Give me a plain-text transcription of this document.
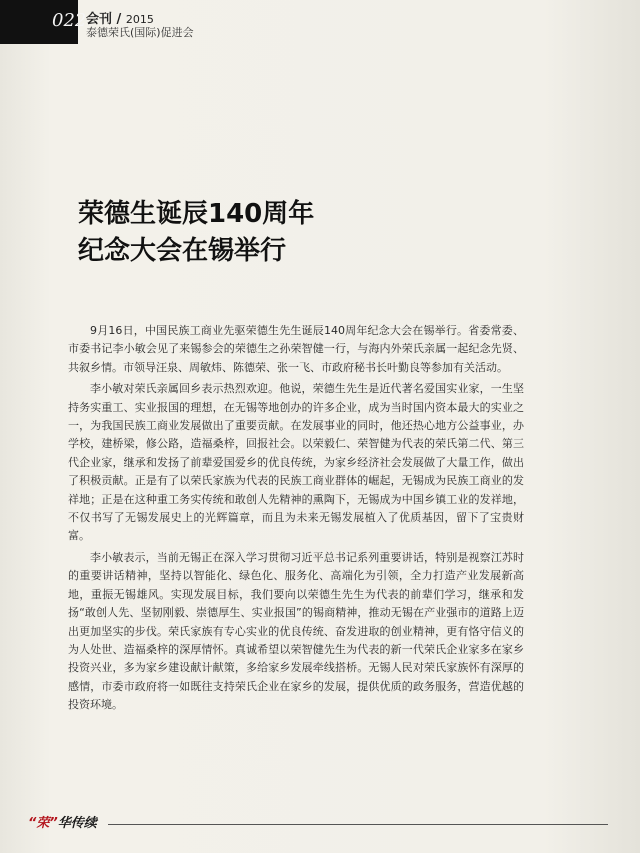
022 会刊 / 2015
泰德荣氏(国际)促进会
荣德生诞辰140周年
纪念大会在锡举行

9月16日，中国民族工商业先驱荣德生先生诞辰140周年纪念大会在锡举行。省委常委、市委书记李小敏会见了来锡参会的荣德生之孙荣智健一行，与海内外荣氏亲属一起纪念先贤、共叙乡情。市领导汪泉、周敏炜、陈德荣、张一飞、市政府秘书长叶勤良等参加有关活动。

李小敏对荣氏亲属回乡表示热烈欢迎。他说，荣德生先生是近代著名爱国实业家，一生坚持务实重工、实业报国的理想，在无锡等地创办的许多企业，成为当时国内资本最大的实业之一，为我国民族工商业发展做出了重要贡献。在发展事业的同时，他还热心地方公益事业，办学校，建桥梁，修公路，造福桑梓，回报社会。以荣毅仁、荣智健为代表的荣氏第二代、第三代企业家，继承和发扬了前辈爱国爱乡的优良传统，为家乡经济社会发展做了大量工作，做出了积极贡献。正是有了以荣氏家族为代表的民族工商业群体的崛起，无锡成为民族工商业的发祥地；正是在这种重工务实传统和敢创人先精神的熏陶下，无锡成为中国乡镇工业的发祥地，不仅书写了无锡发展史上的光辉篇章，而且为未来无锡发展植入了优质基因，留下了宝贵财富。

李小敏表示，当前无锡正在深入学习贯彻习近平总书记系列重要讲话，特别是视察江苏时的重要讲话精神，坚持以智能化、绿色化、服务化、高端化为引领，全力打造产业发展新高地，重振无锡雄风。实现发展目标，我们要向以荣德生先生为代表的前辈们学习，继承和发扬“敢创人先、坚韧刚毅、崇德厚生、实业报国”的锡商精神，推动无锡在产业强市的道路上迈出更加坚实的步伐。荣氏家族有专心实业的优良传统、奋发进取的创业精神，更有恪守信义的为人处世、造福桑梓的深厚情怀。真诚希望以荣智健先生为代表的新一代荣氏企业家多在家乡投资兴业，多为家乡建设献计献策，多给家乡发展牵线搭桥。无锡人民对荣氏家族怀有深厚的感情，市委市政府将一如既往支持荣氏企业在家乡的发展，提供优质的政务服务，营造优越的投资环境。

“荣”华传续
